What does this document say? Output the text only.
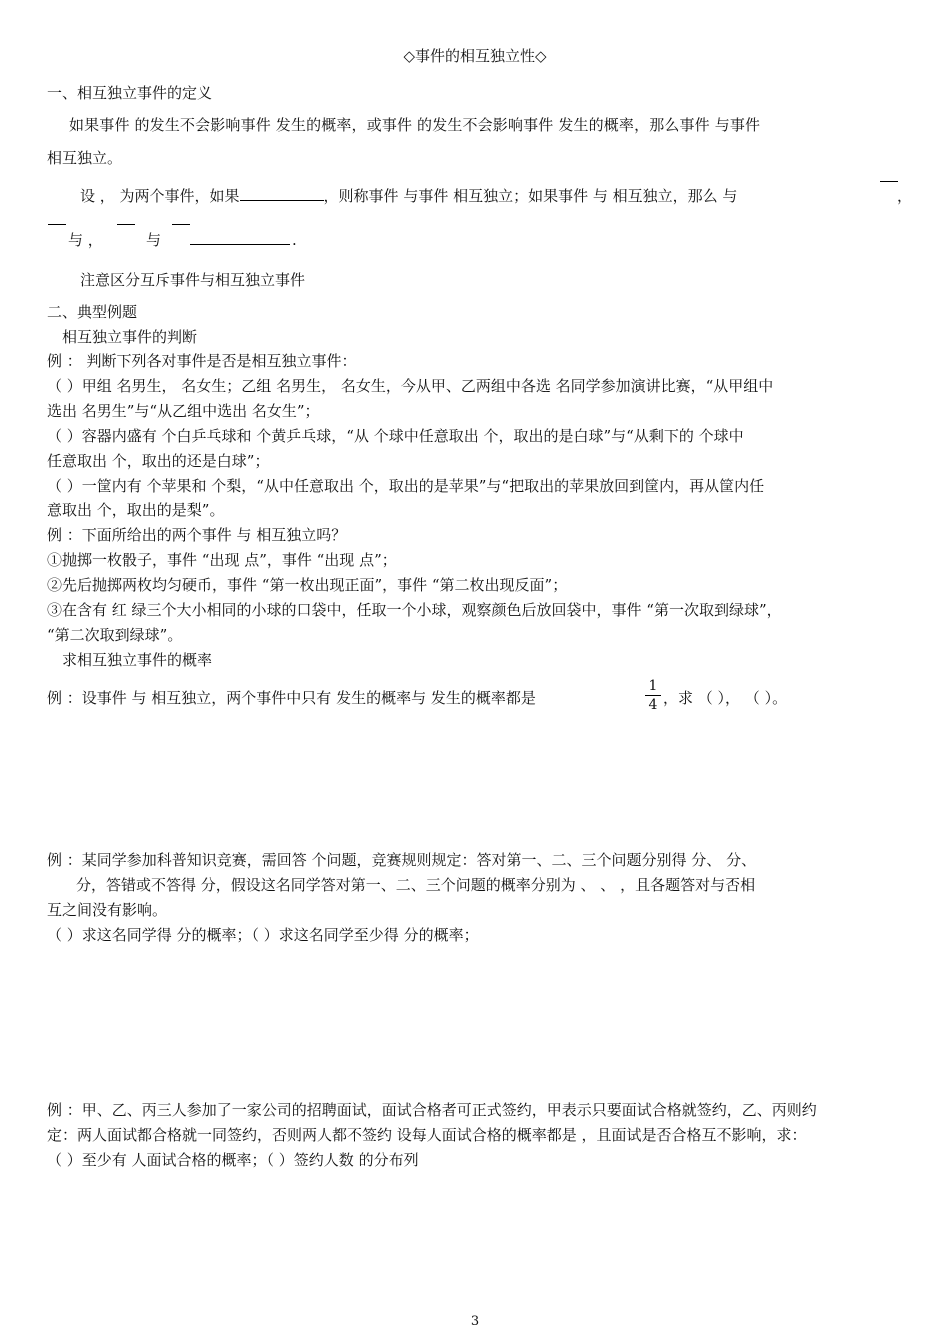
◇事件的相互独立性◇
一、相互独立事件的定义
如果事件 的发生不会影响事件 发生的概率，或事件 的发生不会影响事件 发生的概率，那么事件 与事件
相互独立。
设 ， 为两个事件，如果	，则称事件 与事件 相互独立；如果事件 与 相互独立，那么 与	，
与 ，	与	.
注意区分互斥事件与相互独立事件
二、典型例题
相互独立事件的判断
例 ： 判断下列各对事件是否是相互独立事件：
（ ）甲组 名男生， 名女生；乙组 名男生， 名女生，今从甲、乙两组中各选 名同学参加演讲比赛，“从甲组中
选出 名男生”与“从乙组中选出 名女生”；
（ ）容器内盛有 个白乒乓球和 个黄乒乓球，“从 个球中任意取出 个，取出的是白球”与“从剩下的 个球中
任意取出 个，取出的还是白球”；
（ ）一筐内有 个苹果和 个梨，“从中任意取出 个，取出的是苹果”与“把取出的苹果放回到筐内，再从筐内任
意取出 个，取出的是梨”。
例 ：下面所给出的两个事件 与 相互独立吗？
①抛掷一枚骰子，事件 “出现 点”，事件 “出现 点”；
②先后抛掷两枚均匀硬币，事件 “第一枚出现正面”，事件 “第二枚出现反面”；
③在含有 红 绿三个大小相同的小球的口袋中，任取一个小球，观察颜色后放回袋中，事件 “第一次取到绿球”，
“第二次取到绿球”。
求相互独立事件的概率
例 ：设事件 与 相互独立，两个事件中只有 发生的概率与 发生的概率都是	$\frac{1}{4}$ ，求 （ ）， （ ）。
例 ：某同学参加科普知识竞赛，需回答 个问题，竞赛规则规定：答对第一、二、三个问题分别得 分、 分、
分，答错或不答得 分，假设这名同学答对第一、二、三个问题的概率分别为 、 、 ，且各题答对与否相
互之间没有影响。
（ ）求这名同学得 分的概率；（ ）求这名同学至少得 分的概率；
例 ：甲、乙、丙三人参加了一家公司的招聘面试，面试合格者可正式签约，甲表示只要面试合格就签约，乙、丙则约
定：两人面试都合格就一同签约，否则两人都不签约 设每人面试合格的概率都是 ，且面试是否合格互不影响，求：
（ ）至少有 人面试合格的概率；（ ）签约人数 的分布列
3
